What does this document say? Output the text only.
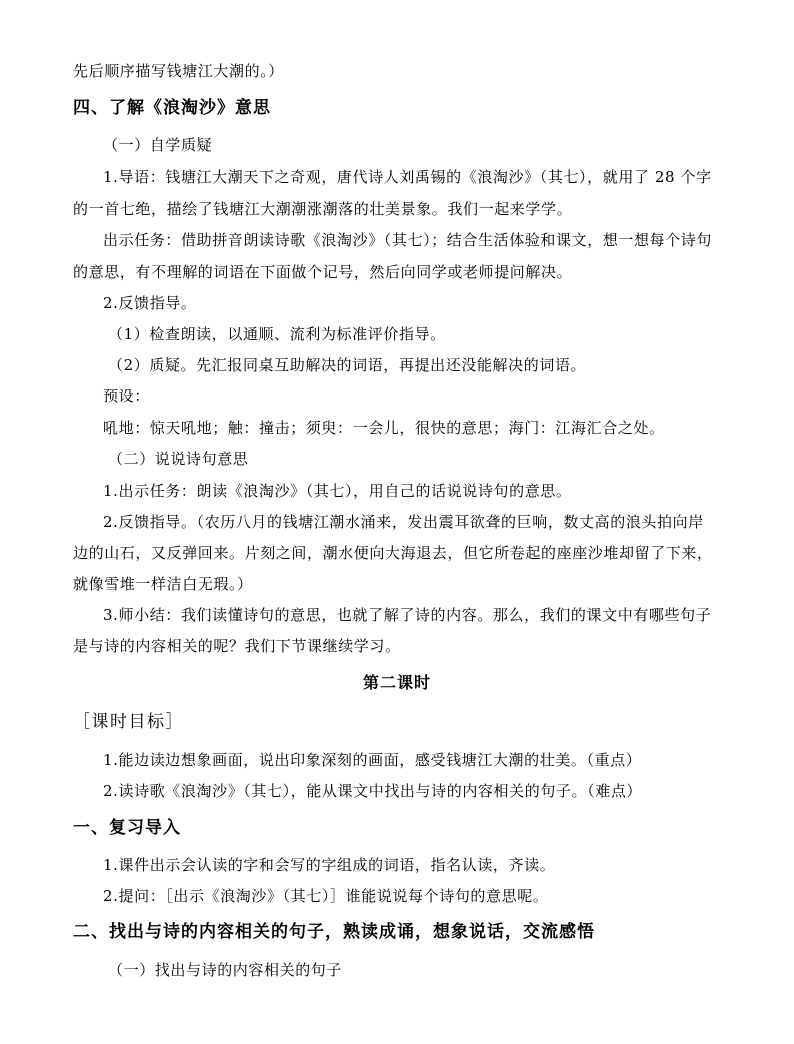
先后顺序描写钱塘江大潮的。）
四、了解《浪淘沙》意思
（一）自学质疑
1.导语：钱塘江大潮天下之奇观，唐代诗人刘禹锡的《浪淘沙》（其七），就用了 28 个字
的一首七绝，描绘了钱塘江大潮潮涨潮落的壮美景象。我们一起来学学。
出示任务：借助拼音朗读诗歌《浪淘沙》（其七）；结合生活体验和课文，想一想每个诗句
的意思，有不理解的词语在下面做个记号，然后向同学或老师提问解决。
2.反馈指导。
（1）检查朗读，以通顺、流利为标准评价指导。
（2）质疑。先汇报同桌互助解决的词语，再提出还没能解决的词语。
预设：
吼地：惊天吼地；触：撞击；须臾：一会儿，很快的意思；海门：江海汇合之处。
（二）说说诗句意思
1.出示任务：朗读《浪淘沙》（其七），用自己的话说说诗句的意思。
2.反馈指导。（农历八月的钱塘江潮水涌来，发出震耳欲聋的巨响，数丈高的浪头拍向岸
边的山石，又反弹回来。片刻之间，潮水便向大海退去，但它所卷起的座座沙堆却留了下来，
就像雪堆一样洁白无瑕。）
3.师小结：我们读懂诗句的意思，也就了解了诗的内容。那么，我们的课文中有哪些句子
是与诗的内容相关的呢？我们下节课继续学习。
第二课时
［课时目标］
1.能边读边想象画面，说出印象深刻的画面，感受钱塘江大潮的壮美。（重点）
2.读诗歌《浪淘沙》（其七），能从课文中找出与诗的内容相关的句子。（难点）
一、复习导入
1.课件出示会认读的字和会写的字组成的词语，指名认读，齐读。
2.提问：［出示《浪淘沙》（其七）］谁能说说每个诗句的意思呢。
二、找出与诗的内容相关的句子，熟读成诵，想象说话，交流感悟
（一）找出与诗的内容相关的句子
